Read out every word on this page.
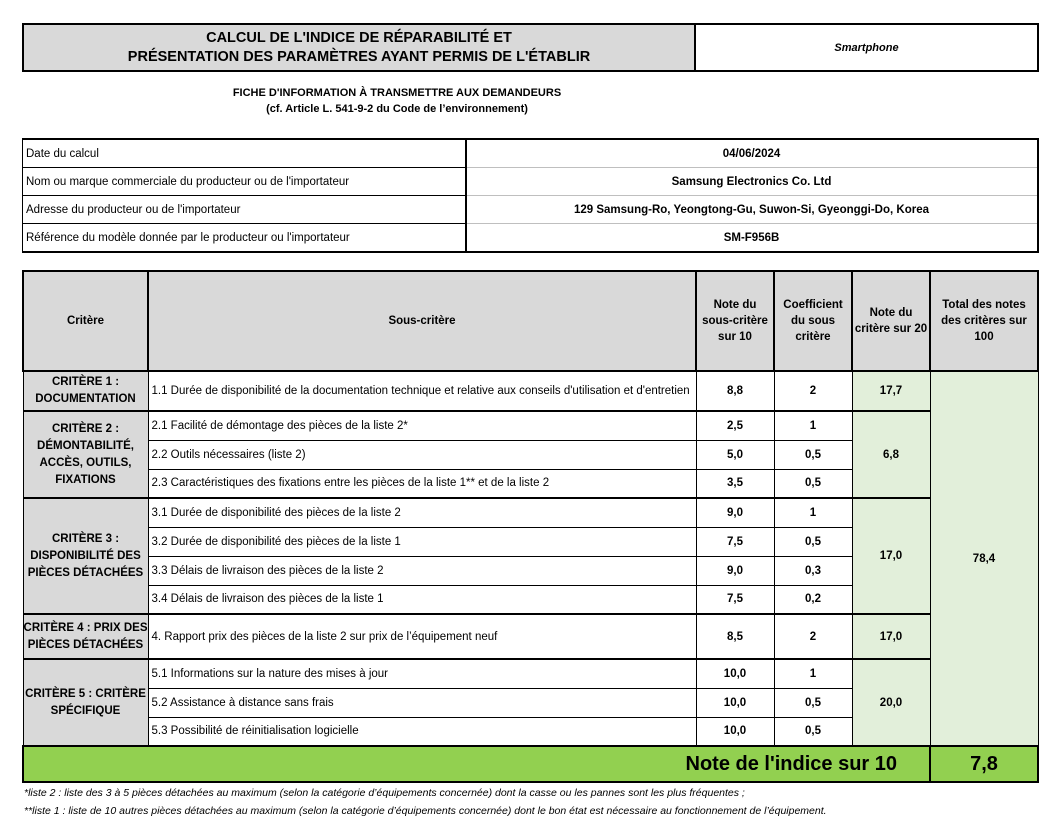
CALCUL DE L'INDICE DE RÉPARABILITÉ ET
PRÉSENTATION DES PARAMÈTRES AYANT PERMIS DE L'ÉTABLIR
	Smartphone
FICHE D'INFORMATION À TRANSMETTRE AUX DEMANDEURS
(cf. Article L. 541-9-2 du Code de l’environnement)
Date du calcul	04/06/2024
Nom ou marque commerciale du producteur ou de l'importateur	Samsung Electronics Co. Ltd
Adresse du producteur ou de l'importateur	129 Samsung-Ro, Yeongtong-Gu, Suwon-Si, Gyeonggi-Do, Korea
Référence du modèle donnée par le producteur ou l'importateur	SM-F956B
Critère	Sous-critère	Note du sous-critère sur 10	Coefficient du sous critère	Note du critère sur 20	Total des notes des critères sur 100
CRITÈRE 1 : DOCUMENTATION	1.1 Durée de disponibilité de la documentation technique et relative aux conseils d'utilisation et d'entretien	8,8	2	17,7	78,4
CRITÈRE 2 : DÉMONTABILITÉ, ACCÈS, OUTILS, FIXATIONS	2.1 Facilité de démontage des pièces de la liste 2*	2,5	1	6,8	
	2.2 Outils nécessaires (liste 2)	5,0	0,5		
	2.3 Caractéristiques des fixations entre les pièces de la liste 1** et de la liste 2	3,5	0,5		
CRITÈRE 3 : DISPONIBILITÉ DES PIÈCES DÉTACHÉES	3.1 Durée de disponibilité des pièces de la liste 2	9,0	1	17,0	
	3.2 Durée de disponibilité des pièces de la liste 1	7,5	0,5		
	3.3 Délais de livraison des pièces de la liste 2	9,0	0,3		
	3.4 Délais de livraison des pièces de la liste 1	7,5	0,2		
CRITÈRE 4 : PRIX DES PIÈCES DÉTACHÉES	4. Rapport prix des pièces de la liste 2 sur prix de l’équipement neuf	8,5	2	17,0	
CRITÈRE 5 : CRITÈRE SPÉCIFIQUE	5.1 Informations sur la nature des mises à jour	10,0	1	20,0	
	5.2 Assistance à distance sans frais	10,0	0,5		
	5.3 Possibilité de réinitialisation logicielle	10,0	0,5		
Note de l'indice sur 10					7,8
*liste 2 : liste des 3 à 5 pièces détachées au maximum (selon la catégorie d’équipements concernée) dont la casse ou les pannes sont les plus fréquentes ;
**liste 1 : liste de 10 autres pièces détachées au maximum (selon la catégorie d’équipements concernée) dont le bon état est nécessaire au fonctionnement de l’équipement.
